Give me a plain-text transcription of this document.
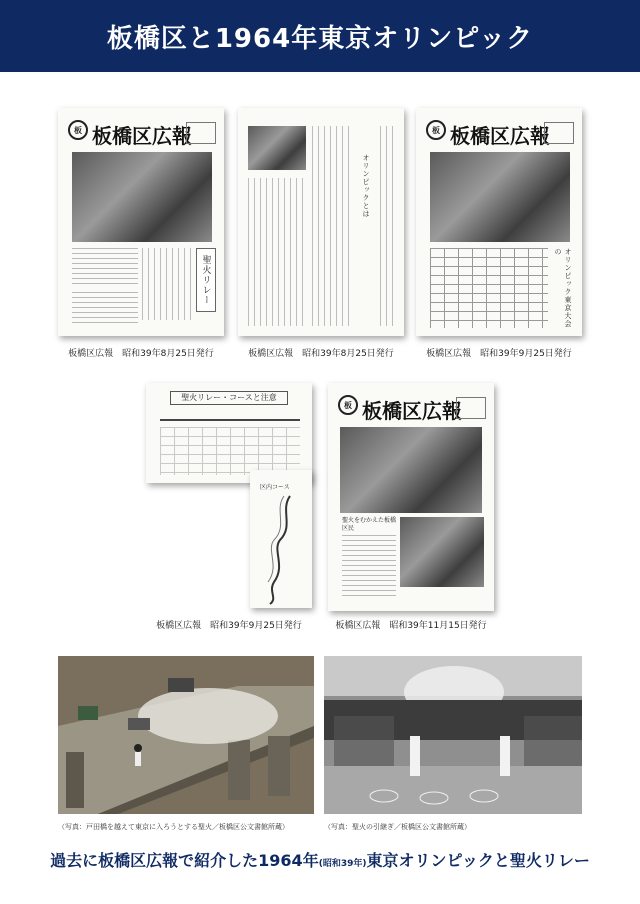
板橋区と1964年東京オリンピック
板 板橋区広報
聖火リレー
板橋区広報　昭和39年8月25日発行
オリンピックとは
板橋区広報　昭和39年8月25日発行
板 板橋区広報
オリンピック東京大会の
板橋区広報　昭和39年9月25日発行
聖火リレー・コースと注意
区内コース
板橋区広報　昭和39年9月25日発行
板 板橋区広報
聖火をむかえた板橋区民
板橋区広報　昭和39年11月15日発行
（写真：戸田橋を越えて東京に入ろうとする聖火／板橋区公文書館所蔵）	（写真：聖火の引継ぎ／板橋区公文書館所蔵）
過去に板橋区広報で紹介した1964年(昭和39年)東京オリンピックと聖火リレー
